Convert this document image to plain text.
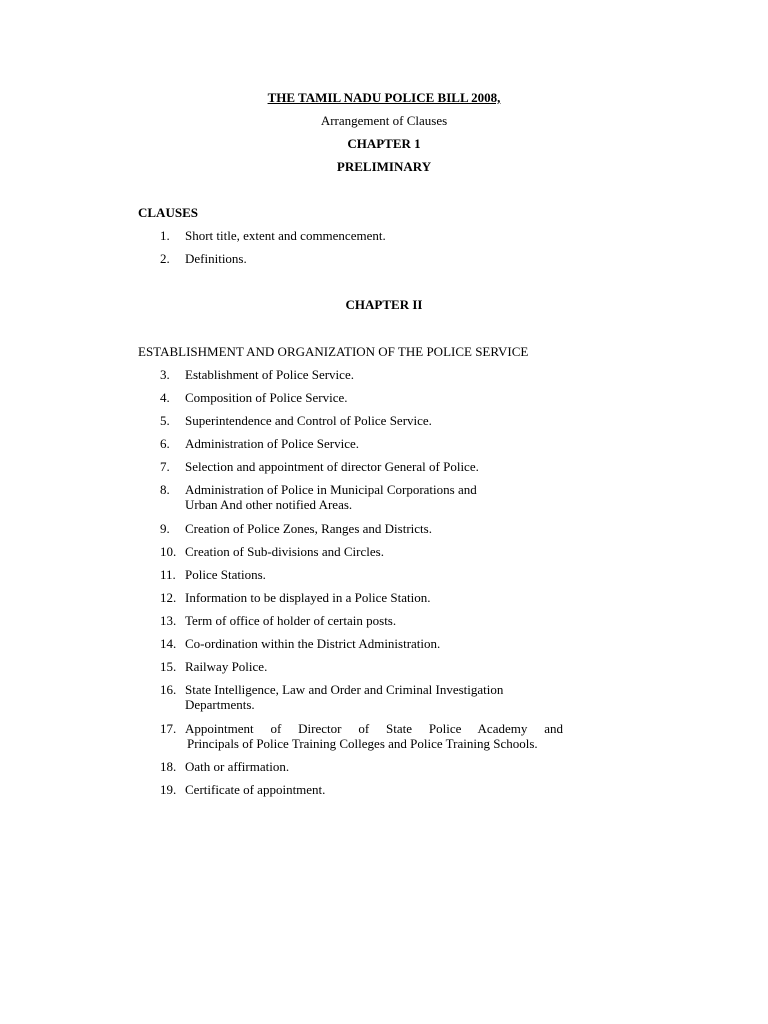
THE TAMIL NADU POLICE BILL 2008,
Arrangement of Clauses
CHAPTER 1
PRELIMINARY
CLAUSES
1. Short title, extent and commencement.
2. Definitions.
CHAPTER II
ESTABLISHMENT AND ORGANIZATION OF THE POLICE SERVICE
3. Establishment of Police Service.
4. Composition of Police Service.
5. Superintendence and Control of Police Service.
6. Administration of Police Service.
7. Selection and appointment of director General of Police.
8. Administration of Police in Municipal Corporations and
Urban And other notified Areas.
9. Creation of Police Zones, Ranges and Districts.
10. Creation of Sub-divisions and Circles.
11. Police Stations.
12. Information to be displayed in a Police Station.
13. Term of office of holder of certain posts.
14. Co-ordination within the District Administration.
15. Railway Police.
16. State Intelligence, Law and Order and Criminal Investigation
Departments.
17. Appointment of Director of State Police Academy and
Principals of Police Training Colleges and Police Training Schools.
18. Oath or affirmation.
19. Certificate of appointment.
